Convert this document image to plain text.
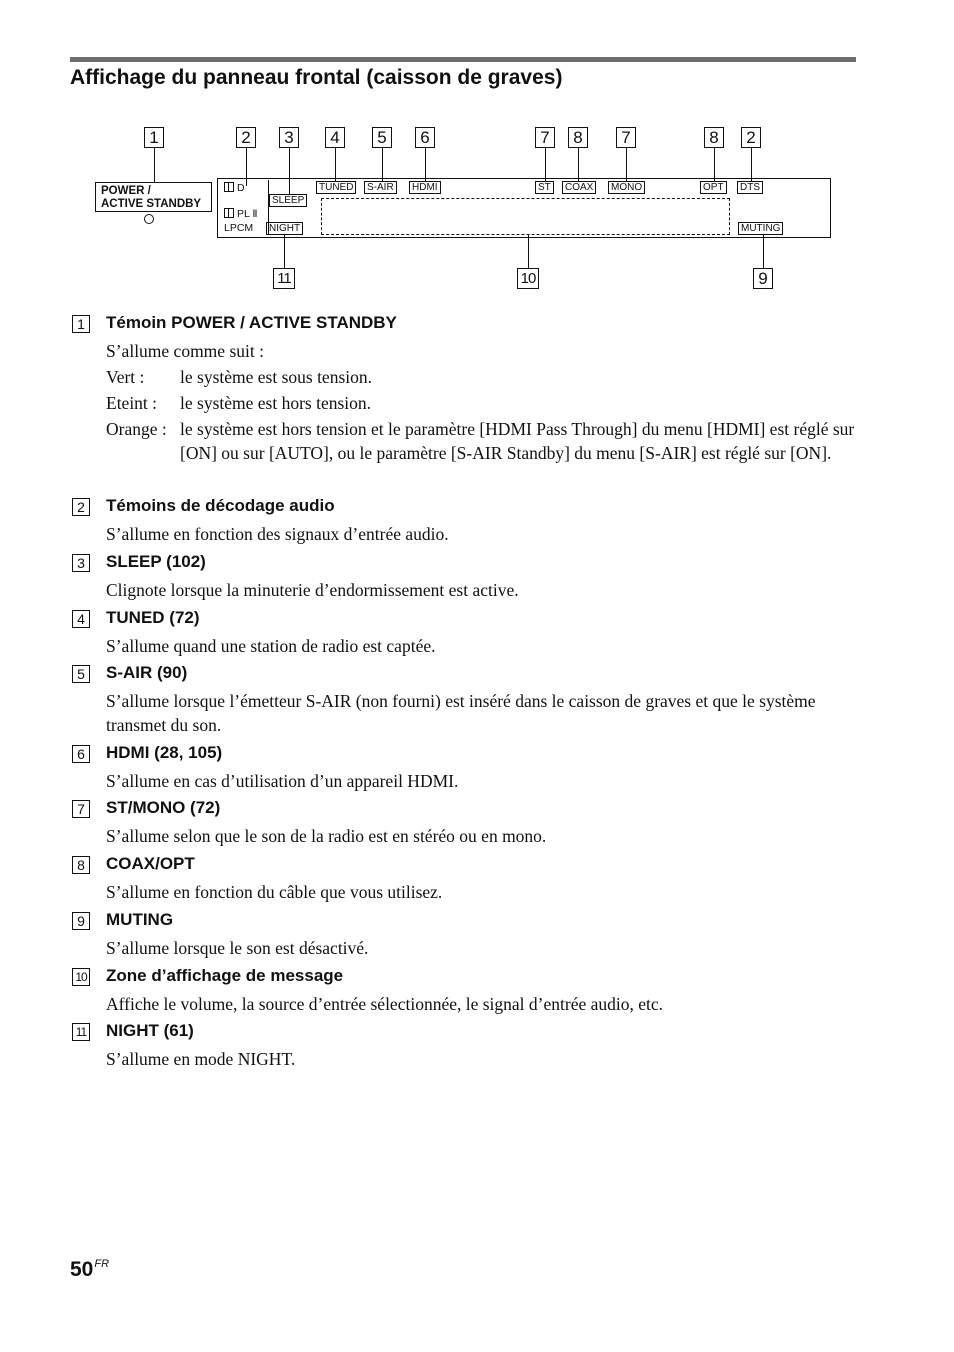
Affichage du panneau frontal (caisson de graves)
1	2	3	4	5	6	7	8	7	8	2
POWER /
ACTIVE STANDBY
D
PL Ⅱ
LPCM
SLEEP
NIGHT
TUNED	S-AIR	HDMI	ST	COAX	MONO	OPT	DTS
MUTING
11	10	9
1	Témoin POWER / ACTIVE STANDBY
S’allume comme suit :
Vert : le système est sous tension.
Eteint : le système est hors tension.
Orange : le système est hors tension et le paramètre [HDMI Pass Through] du menu [HDMI] est réglé sur [ON] ou sur [AUTO], ou le paramètre [S-AIR Standby] du menu [S-AIR] est réglé sur [ON].
2	Témoins de décodage audio
S’allume en fonction des signaux d’entrée audio.
3	SLEEP (102)
Clignote lorsque la minuterie d’endormissement est active.
4	TUNED (72)
S’allume quand une station de radio est captée.
5	S-AIR (90)
S’allume lorsque l’émetteur S-AIR (non fourni) est inséré dans le caisson de graves et que le système transmet du son.
6	HDMI (28, 105)
S’allume en cas d’utilisation d’un appareil HDMI.
7	ST/MONO (72)
S’allume selon que le son de la radio est en stéréo ou en mono.
8	COAX/OPT
S’allume en fonction du câble que vous utilisez.
9	MUTING
S’allume lorsque le son est désactivé.
10 Zone d’affichage de message
Affiche le volume, la source d’entrée sélectionnée, le signal d’entrée audio, etc.
11 NIGHT (61)
S’allume en mode NIGHT.
$50^{FR}$
